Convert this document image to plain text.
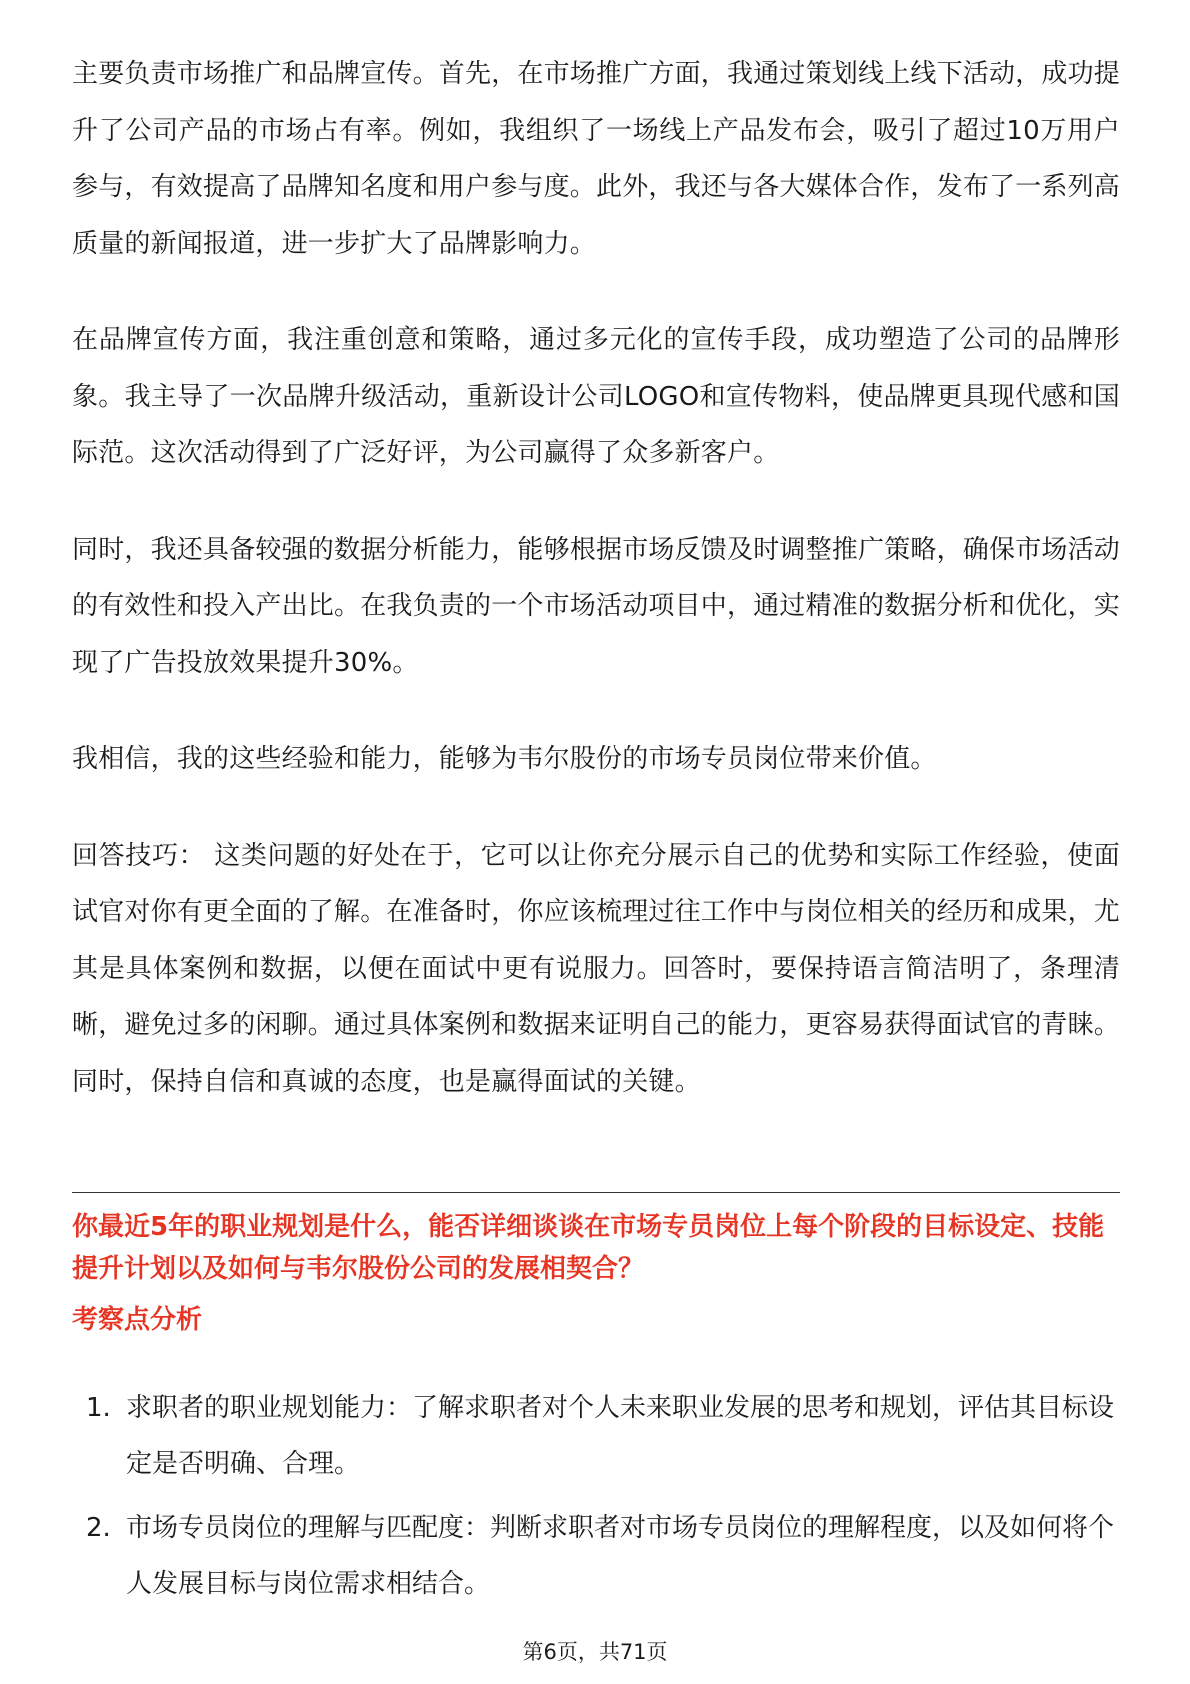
主要负责市场推广和品牌宣传。首先，在市场推广方面，我通过策划线上线下活动，成功提升了公司产品的市场占有率。例如，我组织了一场线上产品发布会，吸引了超过10万用户参与，有效提高了品牌知名度和用户参与度。此外，我还与各大媒体合作，发布了一系列高质量的新闻报道，进一步扩大了品牌影响力。

在品牌宣传方面，我注重创意和策略，通过多元化的宣传手段，成功塑造了公司的品牌形象。我主导了一次品牌升级活动，重新设计公司LOGO和宣传物料，使品牌更具现代感和国际范。这次活动得到了广泛好评，为公司赢得了众多新客户。

同时，我还具备较强的数据分析能力，能够根据市场反馈及时调整推广策略，确保市场活动的有效性和投入产出比。在我负责的一个市场活动项目中，通过精准的数据分析和优化，实现了广告投放效果提升30%。

我相信，我的这些经验和能力，能够为韦尔股份的市场专员岗位带来价值。

回答技巧： 这类问题的好处在于，它可以让你充分展示自己的优势和实际工作经验，使面试官对你有更全面的了解。在准备时，你应该梳理过往工作中与岗位相关的经历和成果，尤其是具体案例和数据，以便在面试中更有说服力。回答时，要保持语言简洁明了，条理清晰，避免过多的闲聊。通过具体案例和数据来证明自己的能力，更容易获得面试官的青睐。同时，保持自信和真诚的态度，也是赢得面试的关键。

你最近5年的职业规划是什么，能否详细谈谈在市场专员岗位上每个阶段的目标设定、技能提升计划以及如何与韦尔股份公司的发展相契合？

考察点分析

1. 求职者的职业规划能力：了解求职者对个人未来职业发展的思考和规划，评估其目标设定是否明确、合理。
2. 市场专员岗位的理解与匹配度：判断求职者对市场专员岗位的理解程度，以及如何将个人发展目标与岗位需求相结合。
第6页，共71页
